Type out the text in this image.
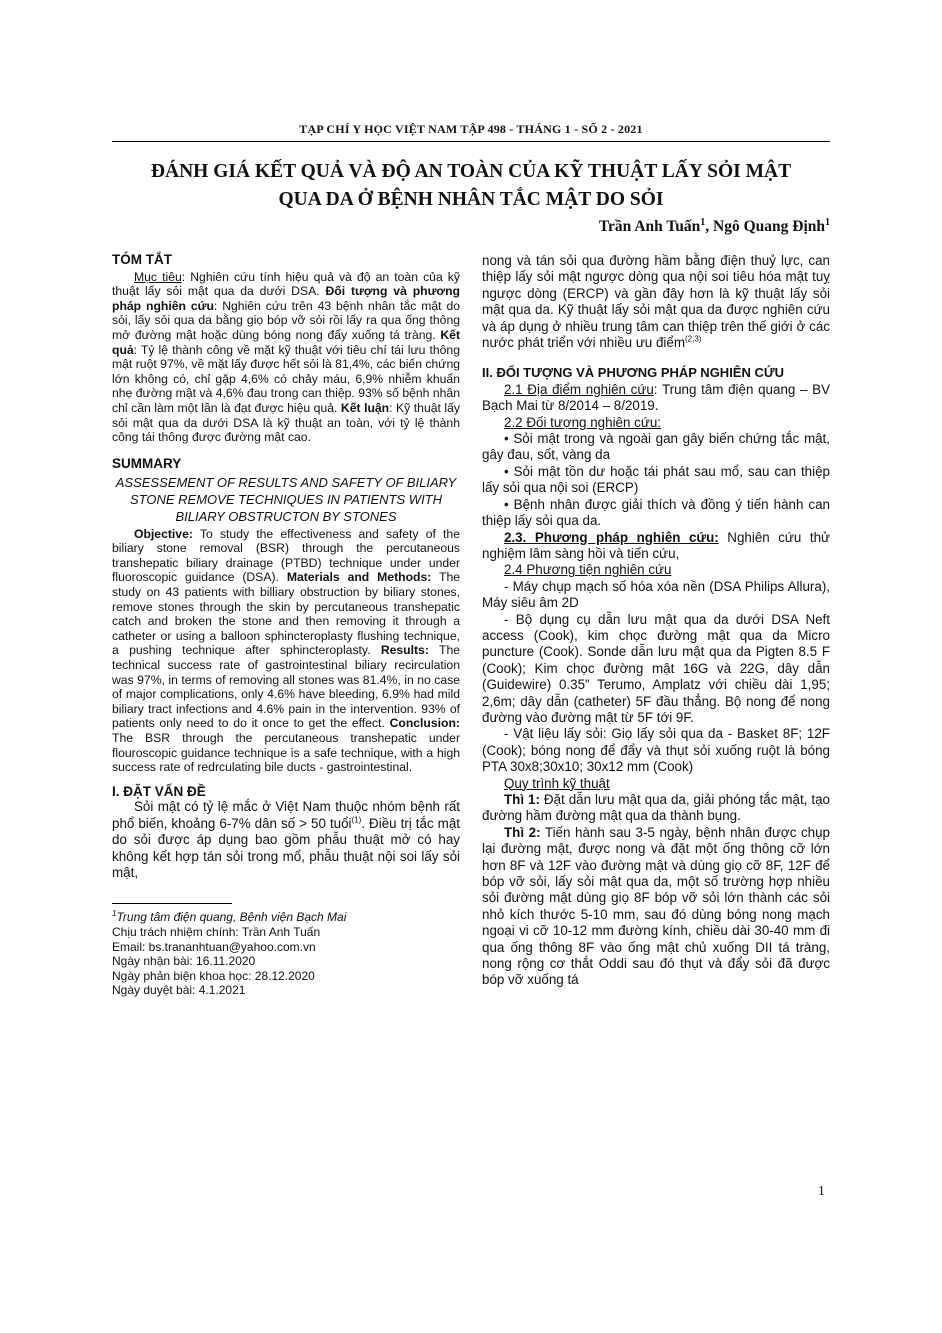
TẠP CHÍ Y HỌC VIỆT NAM TẬP 498 - THÁNG 1 - SỐ 2 - 2021
ĐÁNH GIÁ KẾT QUẢ VÀ ĐỘ AN TOÀN CỦA KỸ THUẬT LẤY SỎI MẬT
QUA DA Ở BỆNH NHÂN TẮC MẬT DO SỎI
Trần Anh Tuấn$^1$, Ngô Quang Định$^1$

TÓM TẮT

Mục tiêu: Nghiên cứu tính hiệu quả và độ an toàn của kỹ thuật lấy sỏi mật qua da dưới DSA. Đối tượng và phương pháp nghiên cứu: Nghiên cứu trên 43 bệnh nhân tắc mật do sỏi, lấy sỏi qua da bằng giọ bóp vỡ sỏi rồi lấy ra qua ống thông mở đường mật hoặc dùng bóng nong đẩy xuống tá tràng. Kết quả: Tỷ lệ thành công về mặt kỹ thuật với tiêu chí tái lưu thông mật ruột 97%, về mặt lấy được hết sỏi là 81,4%, các biến chứng lớn không có, chỉ gặp 4,6% có chảy máu, 6,9% nhiễm khuẩn nhẹ đường mật và 4,6% đau trong can thiệp. 93% số bệnh nhân chỉ cần làm một lần là đạt được hiệu quả. Kết luận: Kỹ thuật lấy sỏi mật qua da dưới DSA là kỹ thuật an toàn, với tỷ lệ thành công tái thông được đường mật cao.

SUMMARY

ASSESSEMENT OF RESULTS AND SAFETY OF BILIARY STONE REMOVE TECHNIQUES IN PATIENTS WITH BILIARY OBSTRUCTON BY STONES

Objective: To study the effectiveness and safety of the biliary stone removal (BSR) through the percutaneous transhepatic biliary drainage (PTBD) technique under under fluoroscopic guidance (DSA). Materials and Methods: The study on 43 patients with billiary obstruction by biliary stones, remove stones through the skin by percutaneous transhepatic catch and broken the stone and then removing it through a catheter or using a balloon sphincteroplasty flushing technique, a pushing technique after sphincteroplasty. Results: The technical success rate of gastrointestinal biliary recirculation was 97%, in terms of removing all stones was 81.4%, in no case of major complications, only 4.6% have bleeding, 6.9% had mild biliary tract infections and 4.6% pain in the intervention. 93% of patients only need to do it once to get the effect. Conclusion: The BSR through the percutaneous transhepatic under flouroscopic guidance technique is a safe technique, with a high success rate of redrculating bile ducts - gastrointestinal.

I. ĐẶT VẤN ĐỀ

Sỏi mật có tỷ lệ mắc ở Việt Nam thuộc nhóm bệnh rất phổ biến, khoảng 6-7% dân số > 50 tuổi$^{(1)}$. Điều trị tắc mật do sỏi được áp dụng bao gồm phẫu thuật mở có hay không kết hợp tán sỏi trong mổ, phẫu thuật nội soi lấy sỏi mật,

$^1$Trung tâm điện quang, Bệnh viện Bạch Mai

Chịu trách nhiệm chính: Trần Anh Tuấn

Email: bs.trananhtuan@yahoo.com.vn

Ngày nhận bài: 16.11.2020

Ngày phản biện khoa học: 28.12.2020

Ngày duyệt bài: 4.1.2021

nong và tán sỏi qua đường hầm bằng điện thuỷ lực, can thiệp lấy sỏi mật ngược dòng qua nội soi tiêu hóa mật tuỵ ngược dòng (ERCP) và gần đây hơn là kỹ thuật lấy sỏi mật qua da. Kỹ thuật lấy sỏi mật qua da được nghiên cứu và áp dụng ở nhiều trung tâm can thiệp trên thế giới ở các nước phát triển với nhiều ưu điểm$^{(2,3)}$

II. ĐỐI TƯỢNG VÀ PHƯƠNG PHÁP NGHIÊN CỨU

2.1 Địa điểm nghiên cứu: Trung tâm điện quang – BV Bạch Mai từ 8/2014 – 8/2019.

2.2 Đối tượng nghiên cứu:

• Sỏi mật trong và ngoài gan gây biến chứng tắc mật, gây đau, sốt, vàng da

• Sỏi mật tồn dư hoặc tái phát sau mổ, sau can thiệp lấy sỏi qua nội soi (ERCP)

• Bệnh nhân được giải thích và đồng ý tiến hành can thiệp lấy sỏi qua da.

2.3. Phương pháp nghiên cứu: Nghiên cứu thử nghiệm lâm sàng hồi và tiến cứu,

2.4 Phương tiện nghiên cứu

- Máy chụp mạch số hóa xóa nền (DSA Philips Allura), Máy siêu âm 2D

- Bộ dụng cụ dẫn lưu mật qua da dưới DSA Neft access (Cook), kim chọc đường mật qua da Micro puncture (Cook). Sonde dẫn lưu mật qua da Pigten 8.5 F (Cook); Kim chọc đường mật 16G và 22G, dây dẫn (Guidewire) 0.35” Terumo, Amplatz với chiều dài 1,95; 2,6m; dây dẫn (catheter) 5F đầu thẳng. Bộ nong để nong đường vào đường mật từ 5F tới 9F.

- Vật liệu lấy sỏi: Giọ lấy sỏi qua da - Basket 8F; 12F (Cook); bóng nong để đẩy và thụt sỏi xuống ruột là bóng PTA 30x8;30x10; 30x12 mm (Cook)

Quy trình kỹ thuật

Thì 1: Đặt dẫn lưu mật qua da, giải phóng tắc mật, tạo đường hầm đường mật qua da thành bụng.

Thì 2: Tiến hành sau 3-5 ngày, bệnh nhân được chụp lại đường mật, được nong và đặt một ống thông cỡ lớn hơn 8F và 12F vào đường mật và dùng giọ cỡ 8F, 12F để bóp vỡ sỏi, lấy sỏi mật qua da, một số trường hợp nhiều sỏi đường mật dùng giọ 8F bóp vỡ sỏi lớn thành các sỏi nhỏ kích thước 5-10 mm, sau đó dùng bóng nong mạch ngoại vi cỡ 10-12 mm đường kính, chiều dài 30-40 mm đi qua ống thông 8F vào ống mật chủ xuống DII tá tràng, nong rộng cơ thắt Oddi sau đó thụt và đẩy sỏi đã được bóp vỡ xuống tá

1
